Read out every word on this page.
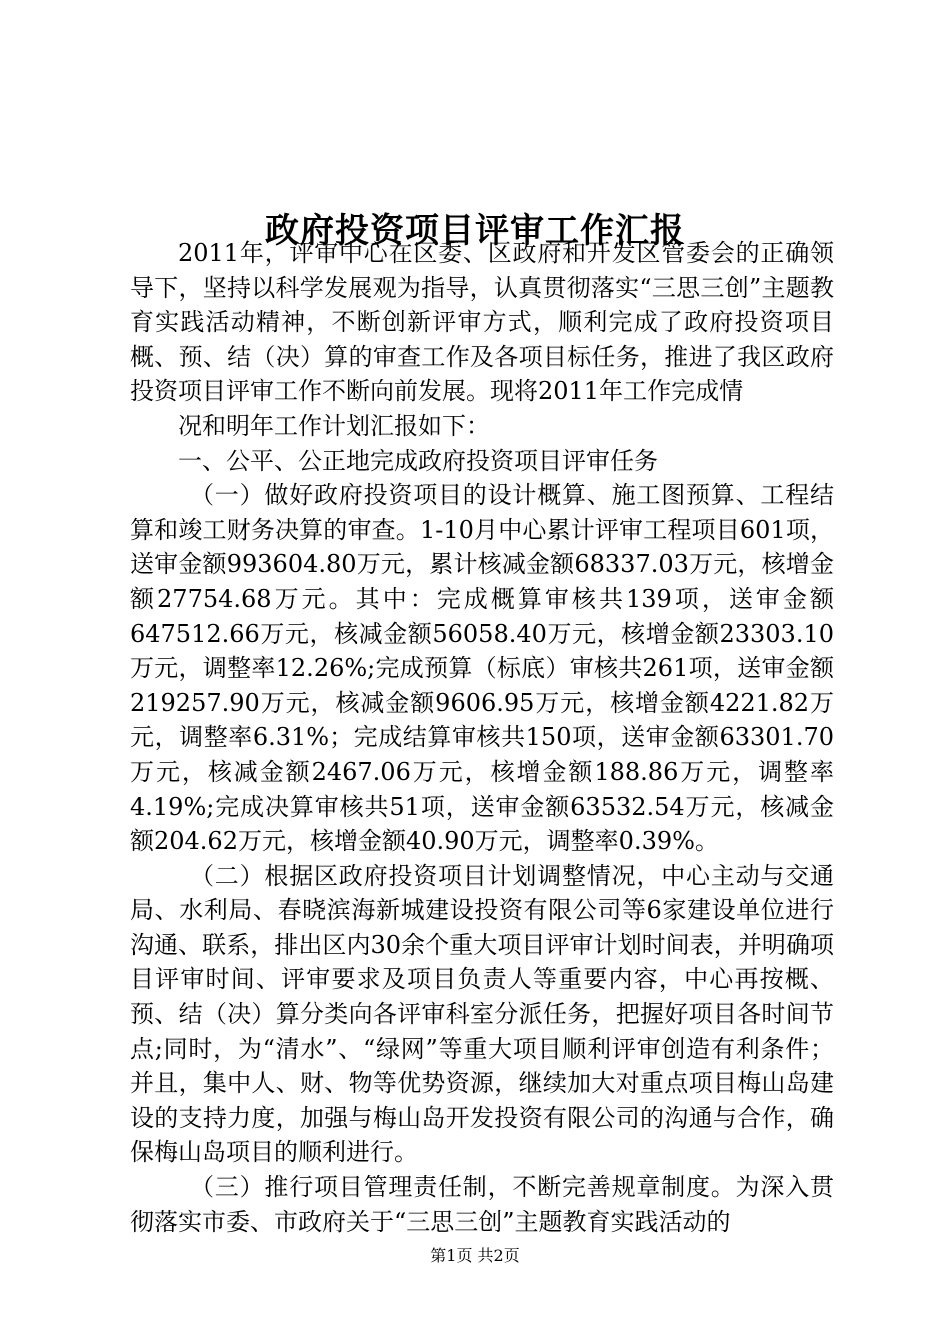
政府投资项目评审工作汇报

2011年，评审中心在区委、区政府和开发区管委会的正确领导下，坚持以科学发展观为指导，认真贯彻落实“三思三创”主题教育实践活动精神，不断创新评审方式，顺利完成了政府投资项目概、预、结（决）算的审查工作及各项目标任务，推进了我区政府投资项目评审工作不断向前发展。现将2011年工作完成情

况和明年工作计划汇报如下：

一、公平、公正地完成政府投资项目评审任务

（一）做好政府投资项目的设计概算、施工图预算、工程结算和竣工财务决算的审查。1-10月中心累计评审工程项目601项，送审金额993604.80万元，累计核减金额68337.03万元，核增金额27754.68万元。其中：完成概算审核共139项，送审金额647512.66万元，核减金额56058.40万元，核增金额23303.10万元，调整率12.26%;完成预算（标底）审核共261项，送审金额219257.90万元，核减金额9606.95万元，核增金额4221.82万元，调整率6.31%；完成结算审核共150项，送审金额63301.70万元，核减金额2467.06万元，核增金额188.86万元，调整率4.19%;完成决算审核共51项，送审金额63532.54万元，核减金额204.62万元，核增金额40.90万元，调整率0.39%。

（二）根据区政府投资项目计划调整情况，中心主动与交通局、水利局、春晓滨海新城建设投资有限公司等6家建设单位进行沟通、联系，排出区内30余个重大项目评审计划时间表，并明确项目评审时间、评审要求及项目负责人等重要内容，中心再按概、预、结（决）算分类向各评审科室分派任务，把握好项目各时间节点;同时，为“清水”、“绿网”等重大项目顺利评审创造有利条件；并且，集中人、财、物等优势资源，继续加大对重点项目梅山岛建设的支持力度，加强与梅山岛开发投资有限公司的沟通与合作，确保梅山岛项目的顺利进行。

（三）推行项目管理责任制，不断完善规章制度。为深入贯彻落实市委、市政府关于“三思三创”主题教育实践活动的

第1页 共2页
